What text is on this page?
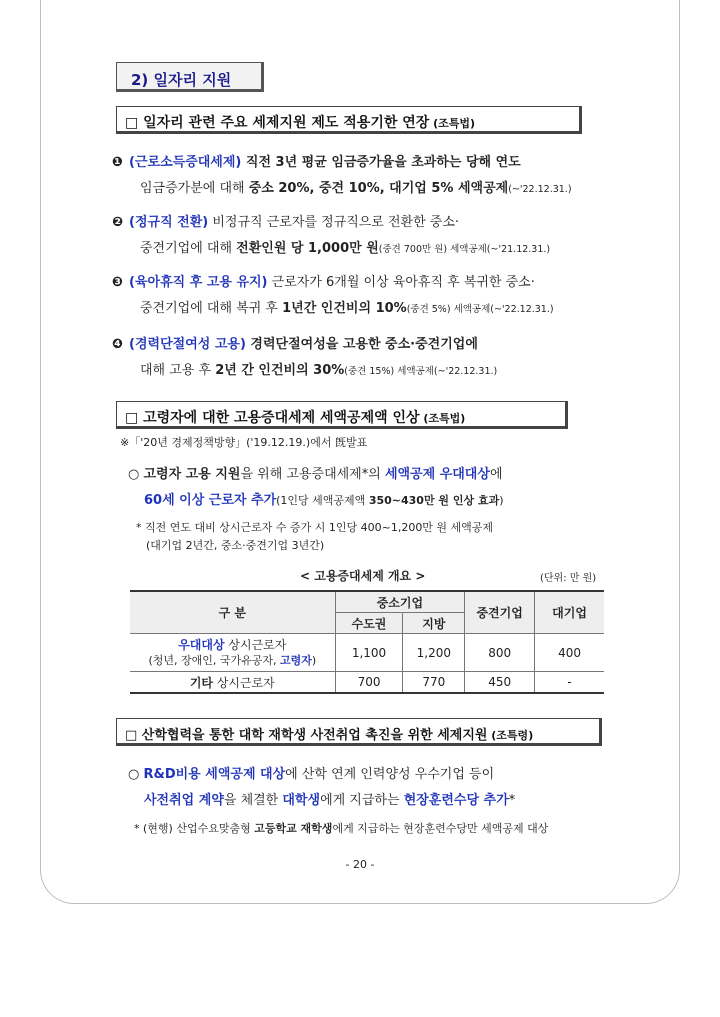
2) 일자리 지원
□ 일자리 관련 주요 세제지원 제도 적용기한 연장 (조특법)
❶ (근로소득증대세제) 직전 3년 평균 임금증가율을 초과하는 당해 연도
임금증가분에 대해 중소 20%, 중견 10%, 대기업 5% 세액공제(~'22.12.31.)
❷ (정규직 전환) 비정규직 근로자를 정규직으로 전환한 중소·
중견기업에 대해 전환인원 당 1,000만 원(중견 700만 원) 세액공제(~'21.12.31.)
❸ (육아휴직 후 고용 유지) 근로자가 6개월 이상 육아휴직 후 복귀한 중소·
중견기업에 대해 복귀 후 1년간 인건비의 10%(중견 5%) 세액공제(~'22.12.31.)
❹ (경력단절여성 고용) 경력단절여성을 고용한 중소·중견기업에
대해 고용 후 2년 간 인건비의 30%(중견 15%) 세액공제(~'22.12.31.)
□ 고령자에 대한 고용증대세제 세액공제액 인상 (조특법)
※「'20년 경제정책방향」('19.12.19.)에서 旣발표
○ 고령자 고용 지원을 위해 고용증대세제*의 세액공제 우대대상에
60세 이상 근로자 추가(1인당 세액공제액 350~430만 원 인상 효과)
* 직전 연도 대비 상시근로자 수 증가 시 1인당 400~1,200만 원 세액공제
(대기업 2년간, 중소·중견기업 3년간)
< 고용증대세제 개요 >	(단위: 만 원)
구 분	중소기업		중견기업	대기업
	수도권	지방		

우대대상 상시근로자
(청년, 장애인, 국가유공자, 고령자)	1,100	1,200	800	400
기타 상시근로자	700	770	450	-
□ 산학협력을 통한 대학 재학생 사전취업 촉진을 위한 세제지원 (조특령)
○ R&D비용 세액공제 대상에 산학 연계 인력양성 우수기업 등이
사전취업 계약을 체결한 대학생에게 지급하는 현장훈련수당 추가*
* (현행) 산업수요맞춤형 고등학교 재학생에게 지급하는 현장훈련수당만 세액공제 대상
- 20 -
